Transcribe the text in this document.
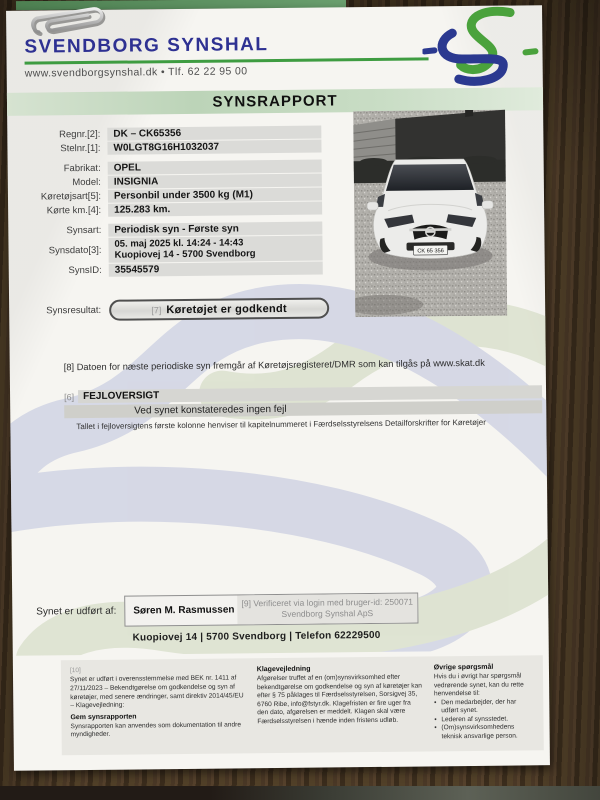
SVENDBORG SYNSHAL
www.svendborgsynshal.dk • Tlf. 62 22 95 00
SYNSRAPPORT
Regnr.[2]:	DK – CK65356
Stelnr.[1]:	W0LGT8G16H1032037
Fabrikat:	OPEL
Model:	INSIGNIA
Køretøjsart[5]:	Personbil under 3500 kg (M1)
Kørte km.[4]:	125.283 km.
Synsart:	Periodisk syn - Første syn
Synsdato[3]:
05. maj 2025 kl. 14:24 - 14:43
Kuopiovej 14 - 5700 Svendborg
SynsID:	35545579
CK 65 356
Synsresultat:	[7] Køretøjet er godkendt
[8] Datoen for næste periodiske syn fremgår af Køretøjsregisteret/DMR som kan tilgås på www.skat.dk
[6] FEJLOVERSIGT
Ved synet konstateredes ingen fejl
Tallet i fejloversigtens første kolonne henviser til kapitelnummeret i Færdselsstyrelsens Detailforskrifter for Køretøjer
Synet er udført af:	Søren M. Rasmussen
[9] Verificeret via login med bruger-id: 250071
Svendborg Synshal ApS
Kuopiovej 14 | 5700 Svendborg | Telefon 62229500
[10]
Synet er udført i overensstemmelse med BEK nr. 1411 af 27/11/2023 – Bekendtgørelse om godkendelse og syn af køretøjer, med senere ændringer, samt direktiv 2014/45/EU – Klagevejledning:
Gem synsrapporten
Synsrapporten kan anvendes som dokumentation til andre myndigheder.
Klagevejledning
Afgørelser truffet af en (om)synsvirksomhed efter bekendtgørelse om godkendelse og syn af køretøjer kan efter § 75 påklages til Færdselsstyrelsen, Sorsigvej 35, 6760 Ribe, info@fstyr.dk. Klagefristen er fire uger fra den dato, afgørelsen er meddelt. Klagen skal være Færdselsstyrelsen i hænde inden fristens udløb.
Øvrige spørgsmål
Hvis du i øvrigt har spørgsmål vedrørende synet, kan du rette henvendelse til:
• Den medarbejder, der har udført synet.
• Lederen af synsstedet.
• (Om)synsvirksomhedens teknisk ansvarlige person.
